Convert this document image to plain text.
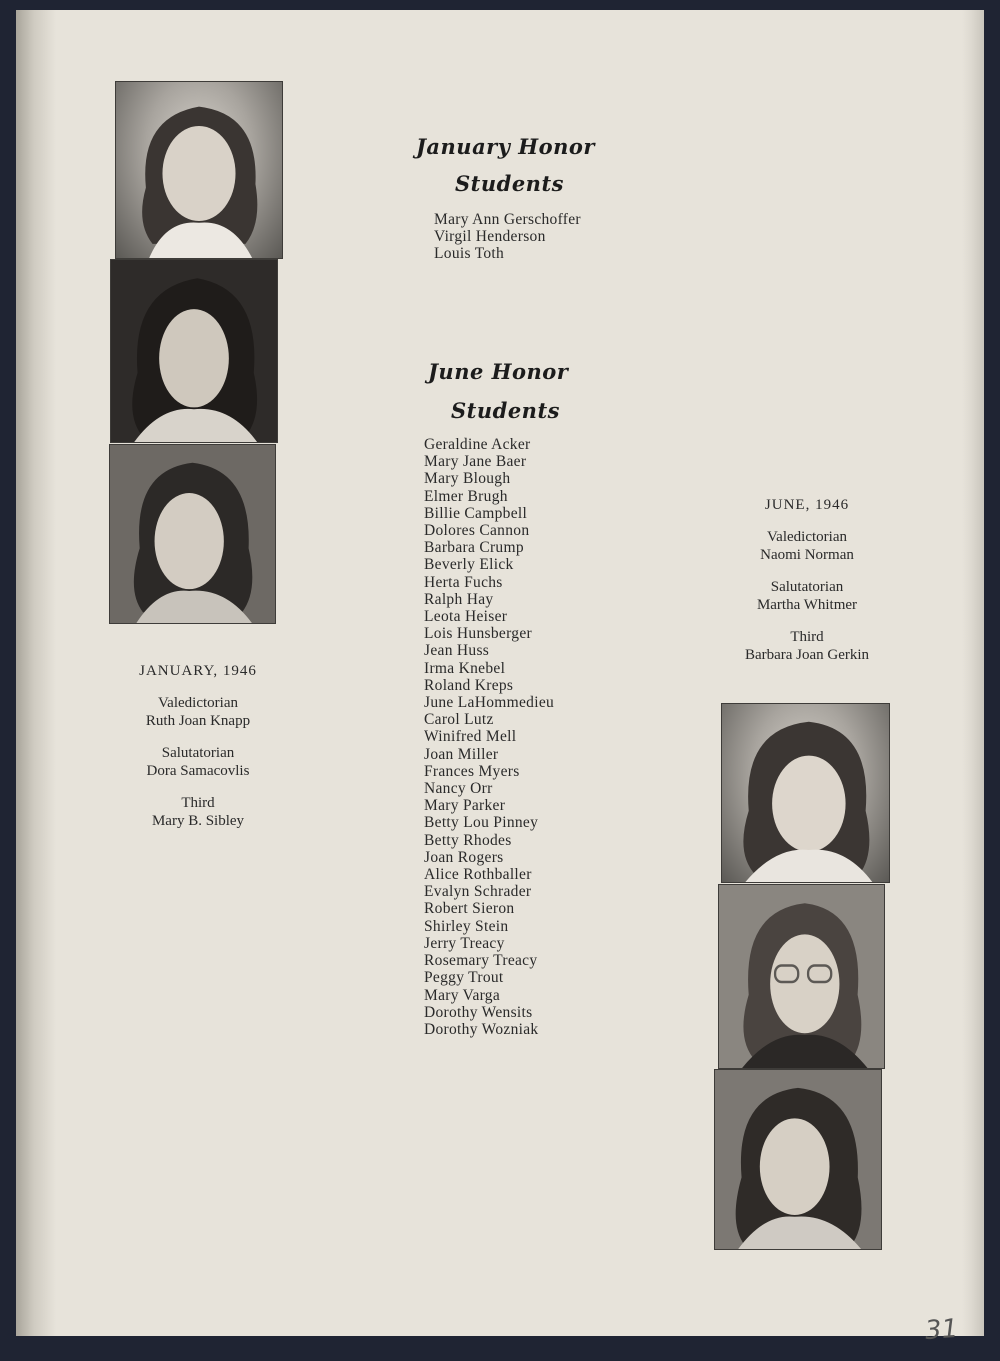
January Honor
Students
Mary Ann Gerschoffer
Virgil Henderson
Louis Toth
June Honor
Students
Geraldine Acker
Mary Jane Baer
Mary Blough
Elmer Brugh
Billie Campbell
Dolores Cannon
Barbara Crump
Beverly Elick
Herta Fuchs
Ralph Hay
Leota Heiser
Lois Hunsberger
Jean Huss
Irma Knebel
Roland Kreps
June LaHommedieu
Carol Lutz
Winifred Mell
Joan Miller
Frances Myers
Nancy Orr
Mary Parker
Betty Lou Pinney
Betty Rhodes
Joan Rogers
Alice Rothballer
Evalyn Schrader
Robert Sieron
Shirley Stein
Jerry Treacy
Rosemary Treacy
Peggy Trout
Mary Varga
Dorothy Wensits
Dorothy Wozniak
JANUARY, 1946
Valedictorian
Ruth Joan Knapp
Salutatorian
Dora Samacovlis
Third
Mary B. Sibley
JUNE, 1946
Valedictorian
Naomi Norman
Salutatorian
Martha Whitmer
Third
Barbara Joan Gerkin
31
